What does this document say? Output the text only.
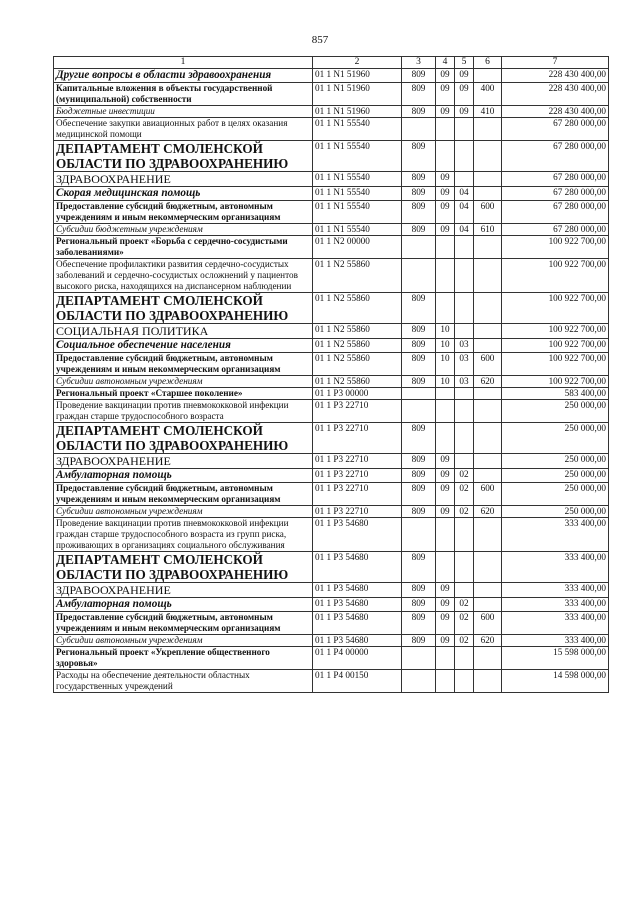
857
1	2	3	4	5	6	7
Другие вопросы в области здравоохранения	01 1 N1 51960	809	09	09		228 430 400,00
Капитальные вложения в объекты государственной (муниципальной) собственности	01 1 N1 51960	809	09	09	400	228 430 400,00
Бюджетные инвестиции	01 1 N1 51960	809	09	09	410	228 430 400,00
Обеспечение закупки авиационных работ в целях оказания медицинской помощи	01 1 N1 55540					67 280 000,00
ДЕПАРТАМЕНТ СМОЛЕНСКОЙ ОБЛАСТИ ПО ЗДРАВООХРАНЕНИЮ	01 1 N1 55540	809				67 280 000,00
ЗДРАВООХРАНЕНИЕ	01 1 N1 55540	809	09			67 280 000,00
Скорая медицинская помощь	01 1 N1 55540	809	09	04		67 280 000,00
Предоставление субсидий бюджетным, автономным учреждениям и иным некоммерческим организациям	01 1 N1 55540	809	09	04	600	67 280 000,00
Субсидии бюджетным учреждениям	01 1 N1 55540	809	09	04	610	67 280 000,00
Региональный проект «Борьба с сердечно-сосудистыми заболеваниями»	01 1 N2 00000					100 922 700,00
Обеспечение профилактики развития сердечно-сосудистых заболеваний и сердечно-сосудистых осложнений у пациентов высокого риска, находящихся на диспансерном наблюдении	01 1 N2 55860					100 922 700,00
ДЕПАРТАМЕНТ СМОЛЕНСКОЙ ОБЛАСТИ ПО ЗДРАВООХРАНЕНИЮ	01 1 N2 55860	809				100 922 700,00
СОЦИАЛЬНАЯ ПОЛИТИКА	01 1 N2 55860	809	10			100 922 700,00
Социальное обеспечение населения	01 1 N2 55860	809	10	03		100 922 700,00
Предоставление субсидий бюджетным, автономным учреждениям и иным некоммерческим организациям	01 1 N2 55860	809	10	03	600	100 922 700,00
Субсидии автономным учреждениям	01 1 N2 55860	809	10	03	620	100 922 700,00
Региональный проект «Старшее поколение»	01 1 P3 00000					583 400,00
Проведение вакцинации против пневмококковой инфекции граждан старше трудоспособного возраста	01 1 P3 22710					250 000,00
ДЕПАРТАМЕНТ СМОЛЕНСКОЙ ОБЛАСТИ ПО ЗДРАВООХРАНЕНИЮ	01 1 P3 22710	809				250 000,00
ЗДРАВООХРАНЕНИЕ	01 1 P3 22710	809	09			250 000,00
Амбулаторная помощь	01 1 P3 22710	809	09	02		250 000,00
Предоставление субсидий бюджетным, автономным учреждениям и иным некоммерческим организациям	01 1 P3 22710	809	09	02	600	250 000,00
Субсидии автономным учреждениям	01 1 P3 22710	809	09	02	620	250 000,00
Проведение вакцинации против пневмококковой инфекции граждан старше трудоспособного возраста из групп риска, проживающих в организациях социального обслуживания	01 1 P3 54680					333 400,00
ДЕПАРТАМЕНТ СМОЛЕНСКОЙ ОБЛАСТИ ПО ЗДРАВООХРАНЕНИЮ	01 1 P3 54680	809				333 400,00
ЗДРАВООХРАНЕНИЕ	01 1 P3 54680	809	09			333 400,00
Амбулаторная помощь	01 1 P3 54680	809	09	02		333 400,00
Предоставление субсидий бюджетным, автономным учреждениям и иным некоммерческим организациям	01 1 P3 54680	809	09	02	600	333 400,00
Субсидии автономным учреждениям	01 1 P3 54680	809	09	02	620	333 400,00
Региональный проект «Укрепление общественного здоровья»	01 1 P4 00000					15 598 000,00
Расходы на обеспечение деятельности областных государственных учреждений	01 1 P4 00150					14 598 000,00
